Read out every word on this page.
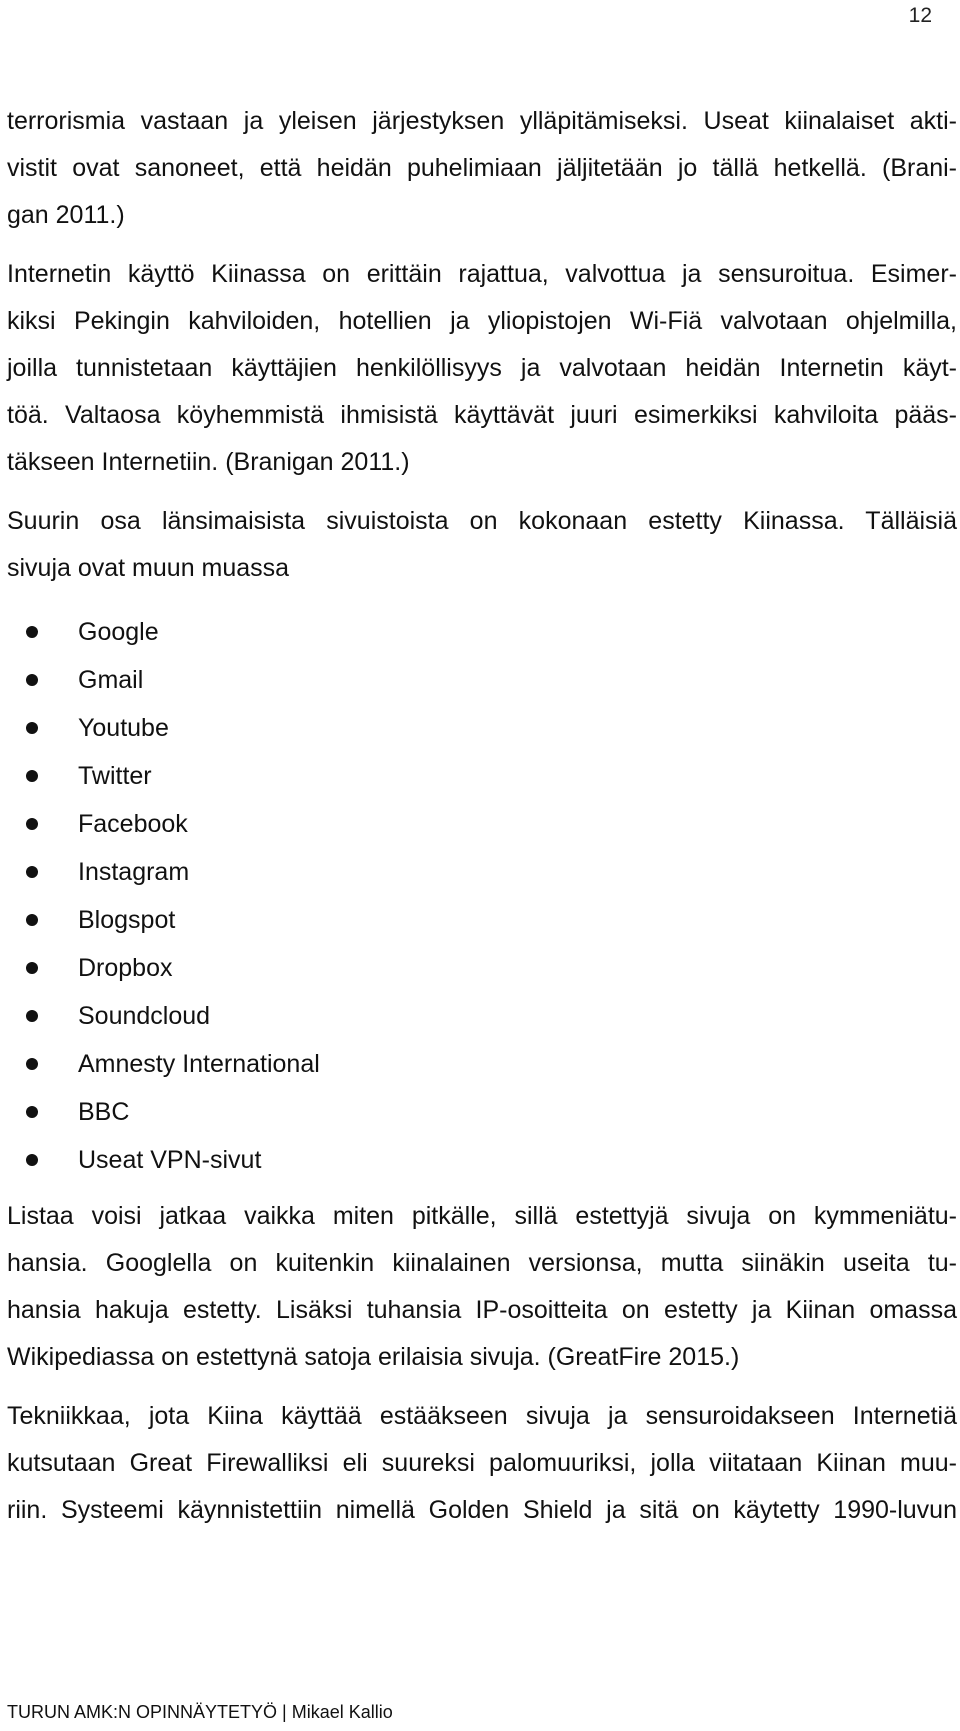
12

terrorismia vastaan ja yleisen järjestyksen ylläpitämiseksi. Useat kiinalaiset akti-
vistit ovat sanoneet, että heidän puhelimiaan jäljitetään jo tällä hetkellä. (Brani-
gan 2011.)

Internetin käyttö Kiinassa on erittäin rajattua, valvottua ja sensuroitua. Esimer-
kiksi Pekingin kahviloiden, hotellien ja yliopistojen Wi-Fiä valvotaan ohjelmilla,
joilla tunnistetaan käyttäjien henkilöllisyys ja valvotaan heidän Internetin käyt-
töä. Valtaosa köyhemmistä ihmisistä käyttävät juuri esimerkiksi kahviloita pääs-
täkseen Internetiin. (Branigan 2011.)

Suurin osa länsimaisista sivuistoista on kokonaan estetty Kiinassa. Tälläisiä
sivuja ovat muun muassa

Google
Gmail
Youtube
Twitter
Facebook
Instagram
Blogspot
Dropbox
Soundcloud
Amnesty International
BBC
Useat VPN-sivut

Listaa voisi jatkaa vaikka miten pitkälle, sillä estettyjä sivuja on kymmeniätu-
hansia. Googlella on kuitenkin kiinalainen versionsa, mutta siinäkin useita tu-
hansia hakuja estetty. Lisäksi tuhansia IP-osoitteita on estetty ja Kiinan omassa
Wikipediassa on estettynä satoja erilaisia sivuja. (GreatFire 2015.)

Tekniikkaa, jota Kiina käyttää estääkseen sivuja ja sensuroidakseen Internetiä
kutsutaan Great Firewalliksi eli suureksi palomuuriksi, jolla viitataan Kiinan muu-
riin. Systeemi käynnistettiin nimellä Golden Shield ja sitä on käytetty 1990-luvun

TURUN AMK:N OPINNÄYTETYÖ | Mikael Kallio
